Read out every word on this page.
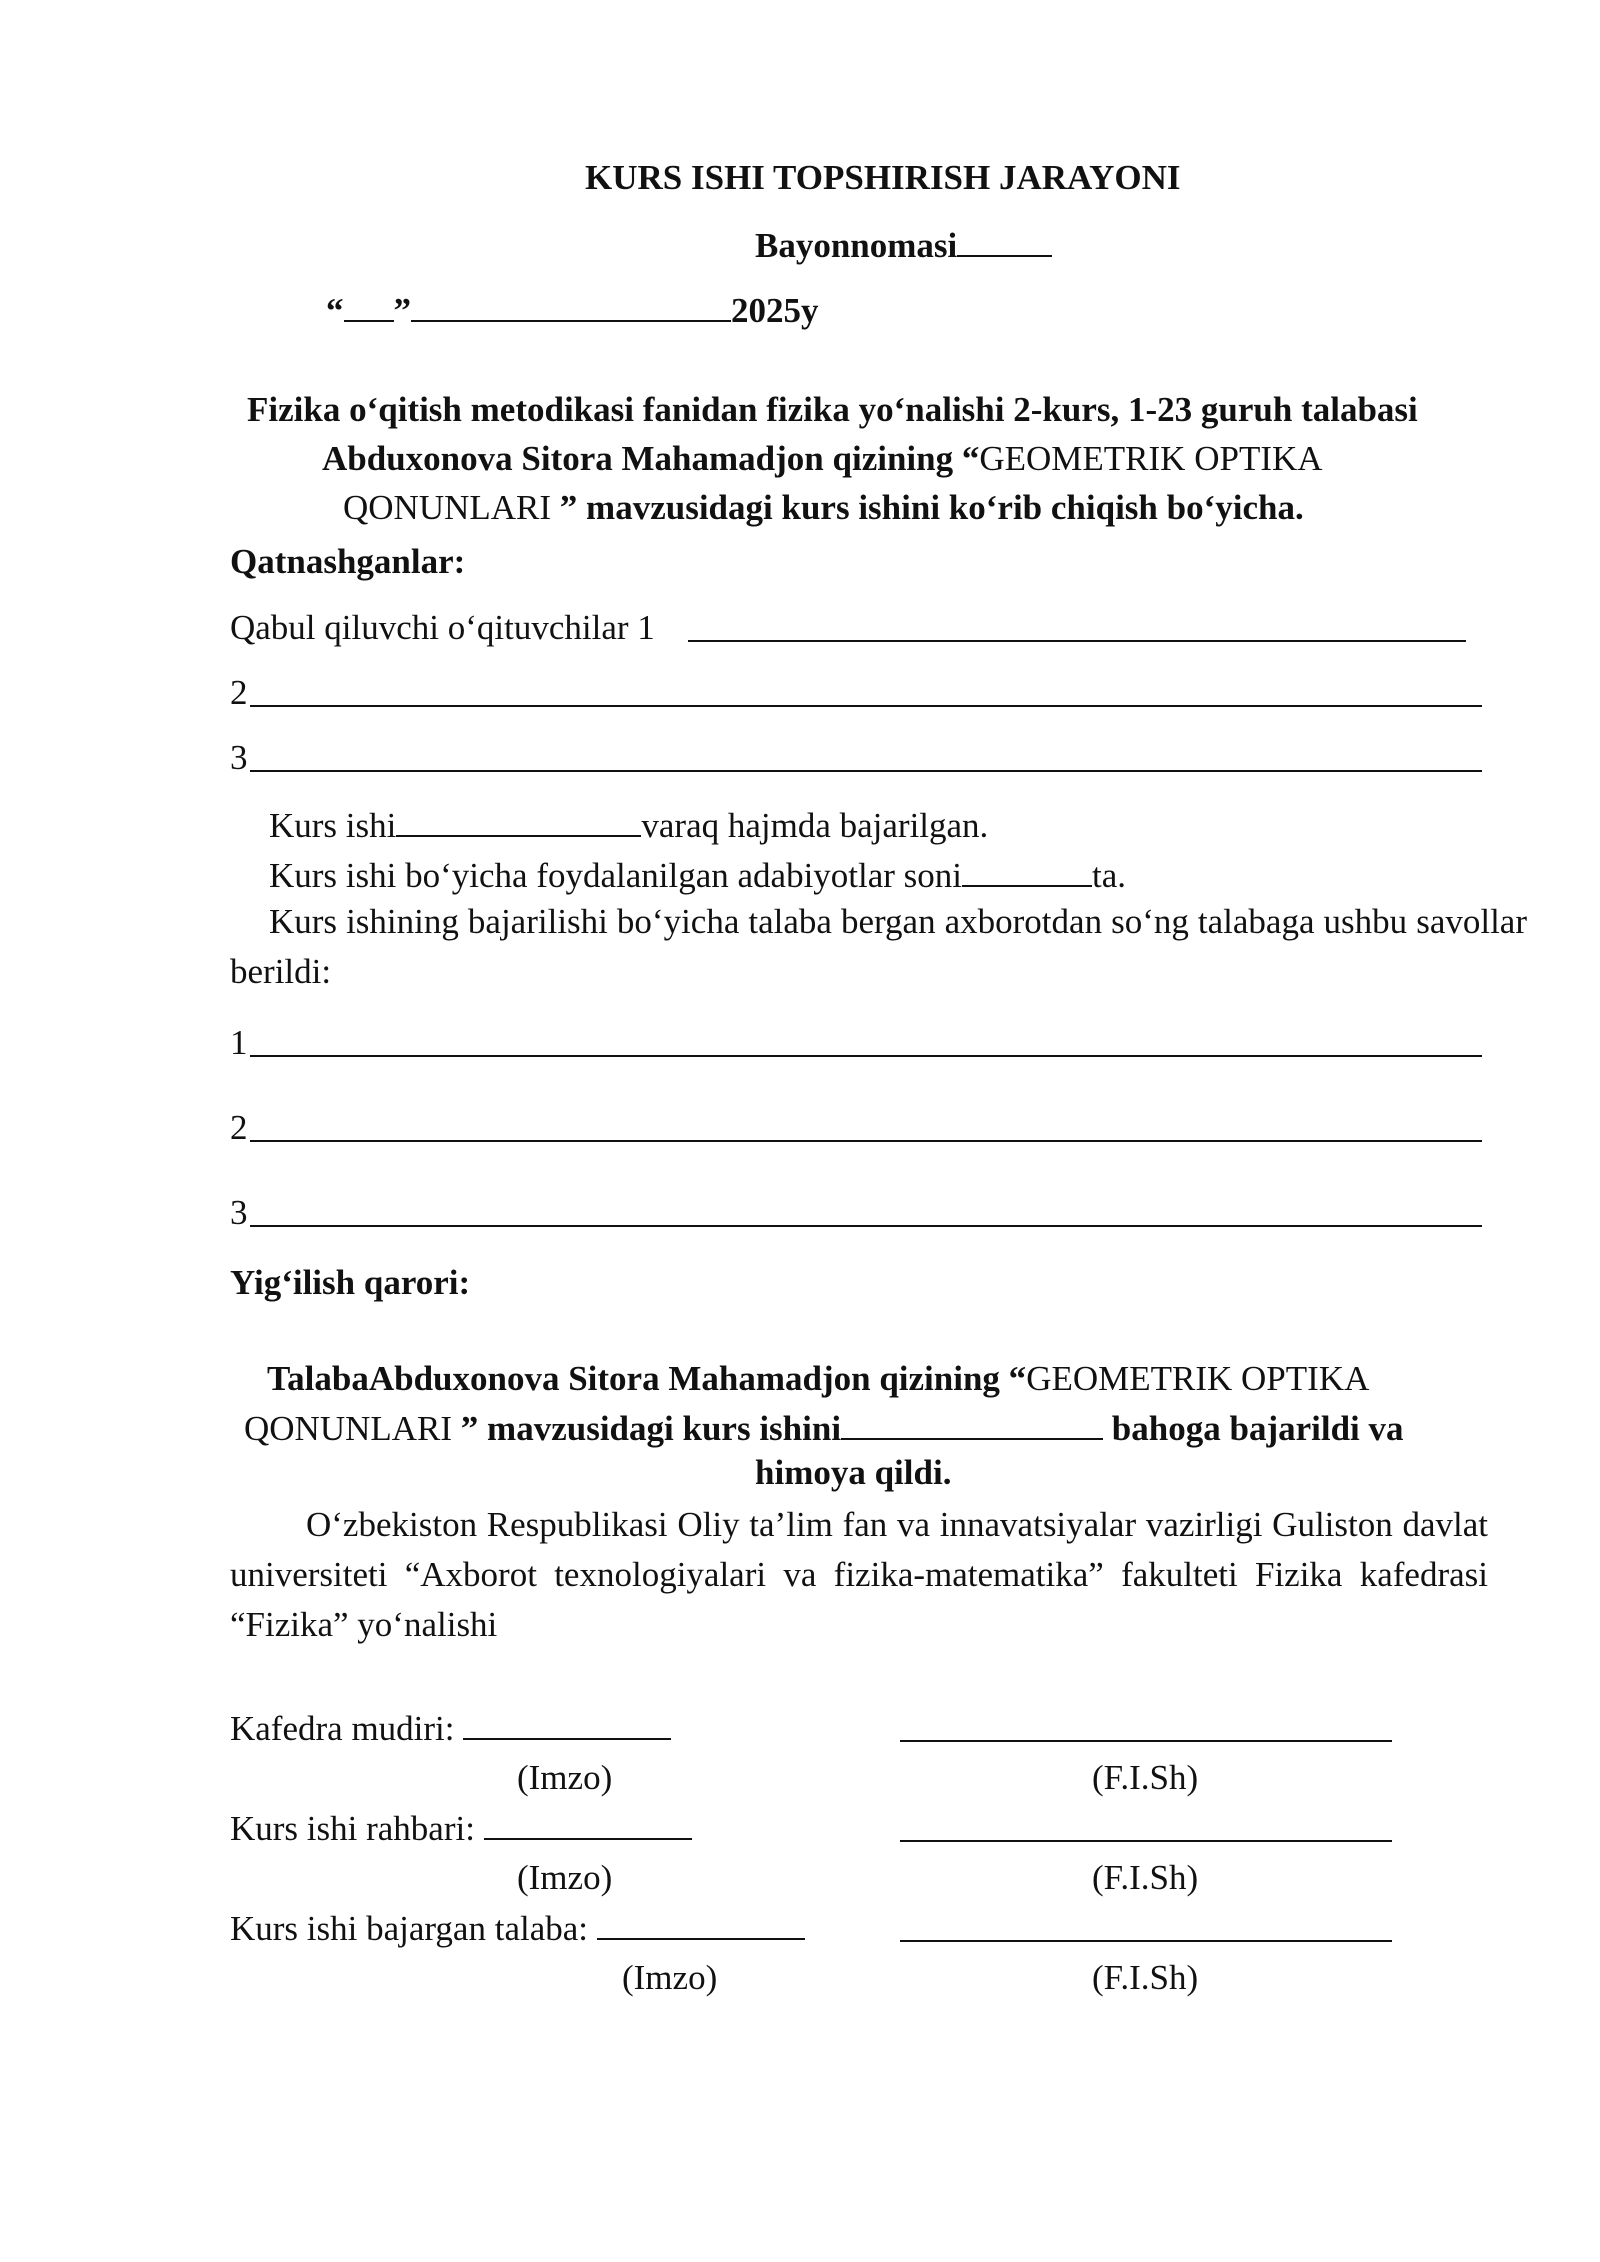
KURS ISHI TOPSHIRISH JARAYONI
Bayonnomasi
“ ”	2025y
Fizika o‘qitish metodikasi fanidan fizika yo‘nalishi 2-kurs, 1-23 guruh talabasi
Abduxonova Sitora Mahamadjon qizining “GEOMETRIK OPTIKA
QONUNLARI ” mavzusidagi kurs ishini ko‘rib chiqish bo‘yicha.
Qatnashganlar:
Qabul qiluvchi o‘qituvchilar 1
2
3
Kurs ishi	varaq hajmda bajarilgan.
Kurs ishi bo‘yicha foydalanilgan adabiyotlar soni	ta.
Kurs ishining bajarilishi bo‘yicha talaba bergan axborotdan so‘ng talabaga ushbu savollar berildi:
1
2
3
Yig‘ilish qarori:
TalabaAbduxonova Sitora Mahamadjon qizining “GEOMETRIK OPTIKA
QONUNLARI ” mavzusidagi kurs ishini	bahoga bajarildi va
himoya qildi.
O‘zbekiston Respublikasi Oliy ta’lim fan va innavatsiyalar vazirligi Guliston davlat universiteti “Axborot texnologiyalari va fizika-matematika” fakulteti Fizika kafedrasi “Fizika” yo‘nalishi
Kafedra mudiri:
(Imzo)	(F.I.Sh)
Kurs ishi rahbari:
(Imzo)	(F.I.Sh)
Kurs ishi bajargan talaba:
(Imzo)	(F.I.Sh)
